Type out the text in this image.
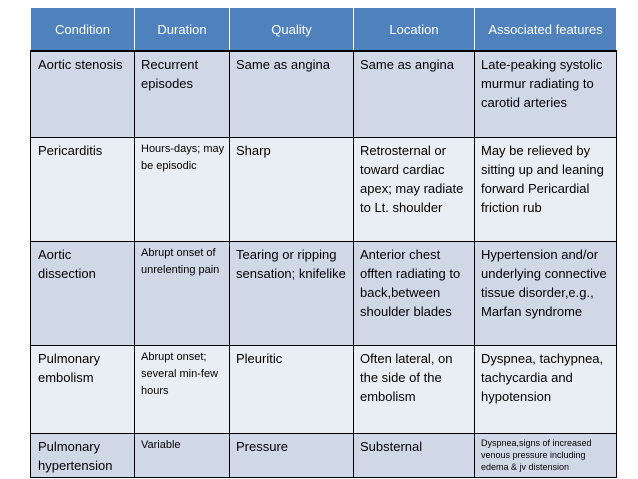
Condition	Duration	Quality	Location	Associated features
Aortic stenosis	Recurrent episodes	Same as angina	Same as angina	Late-peaking systolic murmur radiating to carotid arteries
Pericarditis	Hours-days; may be episodic	Sharp	Retrosternal or toward cardiac apex; may radiate to Lt. shoulder	May be relieved by sitting up and leaning forward Pericardial friction rub
Aortic dissection	Abrupt onset of unrelenting pain	Tearing or ripping sensation; knifelike	Anterior chest offten radiating to back,between shoulder blades	Hypertension and/or underlying connective tissue disorder,e.g., Marfan syndrome
Pulmonary embolism	Abrupt onset; several min-few hours	Pleuritic	Often lateral, on the side of the embolism	Dyspnea, tachypnea, tachycardia and hypotension
Pulmonary hypertension	Variable	Pressure	Substernal	Dyspnea,signs of increased venous pressure including edema & jv distension
